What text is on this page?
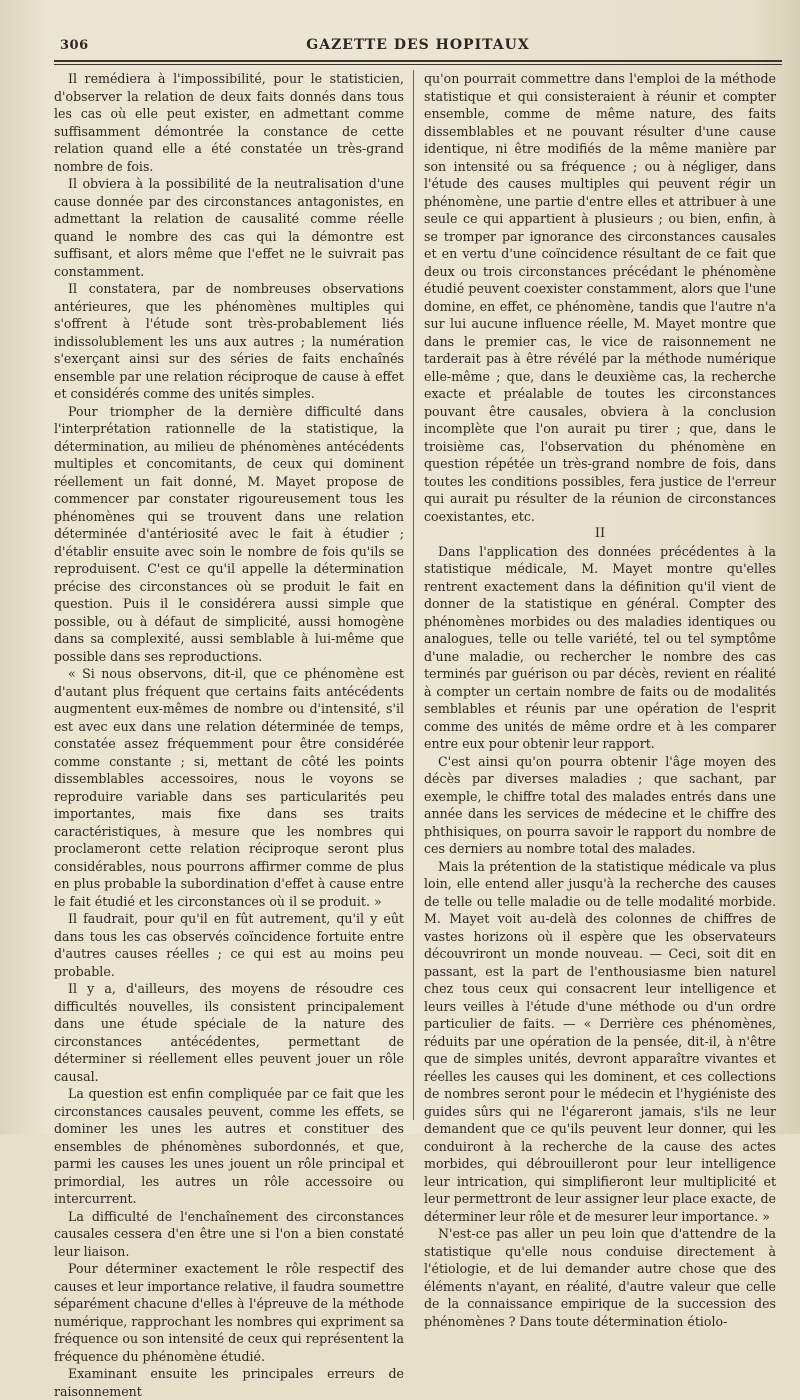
306	GAZETTE DES HOPITAUX

Il remédiera à l'impossibilité, pour le statisticien, d'observer la relation de deux faits donnés dans tous les cas où elle peut exister, en admettant comme suffisamment démontrée la constance de cette relation quand elle a été constatée un très-grand nombre de fois.

Il obviera à la possibilité de la neutralisation d'une cause donnée par des circonstances antagonistes, en admettant la relation de causalité comme réelle quand le nombre des cas qui la démontre est suffisant, et alors même que l'effet ne le suivrait pas constamment.

Il constatera, par de nombreuses observations antérieures, que les phénomènes multiples qui s'offrent à l'étude sont très-probablement liés indissolublement les uns aux autres ; la numération s'exerçant ainsi sur des séries de faits enchaînés ensemble par une relation réciproque de cause à effet et considérés comme des unités simples.

Pour triompher de la dernière difficulté dans l'interprétation rationnelle de la statistique, la détermination, au milieu de phénomènes antécédents multiples et concomitants, de ceux qui dominent réellement un fait donné, M. Mayet propose de commencer par constater rigoureusement tous les phénomènes qui se trouvent dans une relation déterminée d'antériosité avec le fait à étudier ; d'établir ensuite avec soin le nombre de fois qu'ils se reproduisent. C'est ce qu'il appelle la détermination précise des circonstances où se produit le fait en question. Puis il le considérera aussi simple que possible, ou à défaut de simplicité, aussi homogène dans sa complexité, aussi semblable à lui-même que possible dans ses reproductions.

« Si nous observons, dit-il, que ce phénomène est d'autant plus fréquent que certains faits antécédents augmentent eux-mêmes de nombre ou d'intensité, s'il est avec eux dans une relation déterminée de temps, constatée assez fréquemment pour être considérée comme constante ; si, mettant de côté les points dissemblables accessoires, nous le voyons se reproduire variable dans ses particularités peu importantes, mais fixe dans ses traits caractéristiques, à mesure que les nombres qui proclameront cette relation réciproque seront plus considérables, nous pourrons affirmer comme de plus en plus probable la subordination d'effet à cause entre le fait étudié et les circonstances où il se produit. »

Il faudrait, pour qu'il en fût autrement, qu'il y eût dans tous les cas observés coïncidence fortuite entre d'autres causes réelles ; ce qui est au moins peu probable.

Il y a, d'ailleurs, des moyens de résoudre ces difficultés nouvelles, ils consistent principalement dans une étude spéciale de la nature des circonstances antécédentes, permettant de déterminer si réellement elles peuvent jouer un rôle causal.

La question est enfin compliquée par ce fait que les circonstances causales peuvent, comme les effets, se dominer les unes les autres et constituer des ensembles de phénomènes subordonnés, et que, parmi les causes les unes jouent un rôle principal et primordial, les autres un rôle accessoire ou intercurrent.

La difficulté de l'enchaînement des circonstances causales cessera d'en être une si l'on a bien constaté leur liaison.

Pour déterminer exactement le rôle respectif des causes et leur importance relative, il faudra soumettre séparément chacune d'elles à l'épreuve de la méthode numérique, rapprochant les nombres qui expriment sa fréquence ou son intensité de ceux qui représentent la fréquence du phénomène étudié.

Examinant ensuite les principales erreurs de raisonnement

qu'on pourrait commettre dans l'emploi de la méthode statistique et qui consisteraient à réunir et compter ensemble, comme de même nature, des faits dissemblables et ne pouvant résulter d'une cause identique, ni être modifiés de la même manière par son intensité ou sa fréquence ; ou à négliger, dans l'étude des causes multiples qui peuvent régir un phénomène, une partie d'entre elles et attribuer à une seule ce qui appartient à plusieurs ; ou bien, enfin, à se tromper par ignorance des circonstances causales et en vertu d'une coïncidence résultant de ce fait que deux ou trois circonstances précédant le phénomène étudié peuvent coexister constamment, alors que l'une domine, en effet, ce phénomène, tandis que l'autre n'a sur lui aucune influence réelle, M. Mayet montre que dans le premier cas, le vice de raisonnement ne tarderait pas à être révélé par la méthode numérique elle-même ; que, dans le deuxième cas, la recherche exacte et préalable de toutes les circonstances pouvant être causales, obviera à la conclusion incomplète que l'on aurait pu tirer ; que, dans le troisième cas, l'observation du phénomène en question répétée un très-grand nombre de fois, dans toutes les conditions possibles, fera justice de l'erreur qui aurait pu résulter de la réunion de circonstances coexistantes, etc.

II

Dans l'application des données précédentes à la statistique médicale, M. Mayet montre qu'elles rentrent exactement dans la définition qu'il vient de donner de la statistique en général. Compter des phénomènes morbides ou des maladies identiques ou analogues, telle ou telle variété, tel ou tel symptôme d'une maladie, ou rechercher le nombre des cas terminés par guérison ou par décès, revient en réalité à compter un certain nombre de faits ou de modalités semblables et réunis par une opération de l'esprit comme des unités de même ordre et à les comparer entre eux pour obtenir leur rapport.

C'est ainsi qu'on pourra obtenir l'âge moyen des décès par diverses maladies ; que sachant, par exemple, le chiffre total des malades entrés dans une année dans les services de médecine et le chiffre des phthisiques, on pourra savoir le rapport du nombre de ces derniers au nombre total des malades.

Mais la prétention de la statistique médicale va plus loin, elle entend aller jusqu'à la recherche des causes de telle ou telle maladie ou de telle modalité morbide. M. Mayet voit au-delà des colonnes de chiffres de vastes horizons où il espère que les observateurs découvriront un monde nouveau. — Ceci, soit dit en passant, est la part de l'enthousiasme bien naturel chez tous ceux qui consacrent leur intelligence et leurs veilles à l'étude d'une méthode ou d'un ordre particulier de faits. — « Derrière ces phénomènes, réduits par une opération de la pensée, dit-il, à n'être que de simples unités, devront apparaître vivantes et réelles les causes qui les dominent, et ces collections de nombres seront pour le médecin et l'hygiéniste des guides sûrs qui ne l'égareront jamais, s'ils ne leur demandent que ce qu'ils peuvent leur donner, qui les conduiront à la recherche de la cause des actes morbides, qui débrouilleront pour leur intelligence leur intrication, qui simplifieront leur multiplicité et leur permettront de leur assigner leur place exacte, de déterminer leur rôle et de mesurer leur importance. »

N'est-ce pas aller un peu loin que d'attendre de la statistique qu'elle nous conduise directement à l'étiologie, et de lui demander autre chose que des éléments n'ayant, en réalité, d'autre valeur que celle de la connaissance empirique de la succession des phénomènes ? Dans toute détermination étiolo-
